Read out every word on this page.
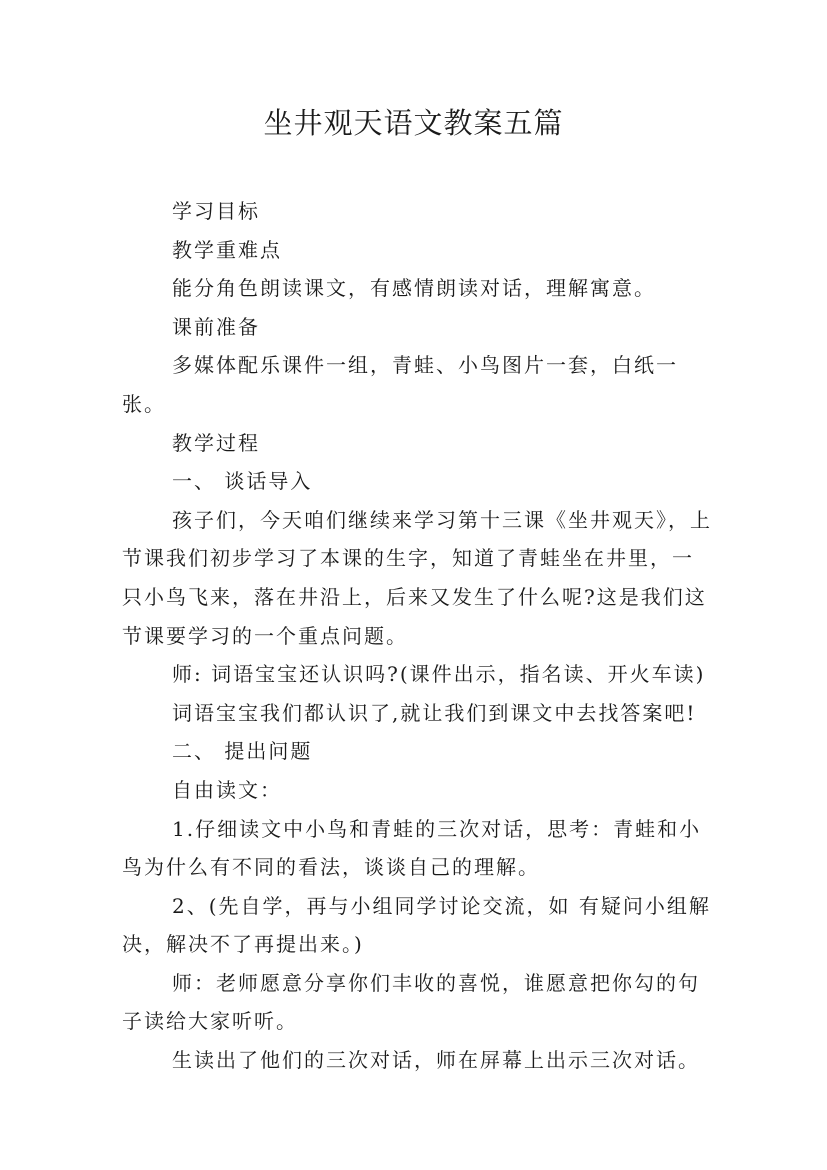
坐井观天语文教案五篇

学习目标

教学重难点

能分角色朗读课文，有感情朗读对话，理解寓意。

课前准备

多媒体配乐课件一组，青蛙、小鸟图片一套，白纸一张。

教学过程

一、 谈话导入

孩子们，今天咱们继续来学习第十三课《坐井观天》，上节课我们初步学习了本课的生字，知道了青蛙坐在井里，一只小鸟飞来，落在井沿上，后来又发生了什么呢?这是我们这节课要学习的一个重点问题。

师: 词语宝宝还认识吗?(课件出示，指名读、开火车读)

词语宝宝我们都认识了,就让我们到课文中去找答案吧!

二、 提出问题

自由读文：

1.仔细读文中小鸟和青蛙的三次对话，思考：青蛙和小鸟为什么有不同的看法，谈谈自己的理解。

2、(先自学，再与小组同学讨论交流，如 有疑问小组解决，解决不了再提出来。)

师：老师愿意分享你们丰收的喜悦，谁愿意把你勾的句子读给大家听听。

生读出了他们的三次对话，师在屏幕上出示三次对话。
